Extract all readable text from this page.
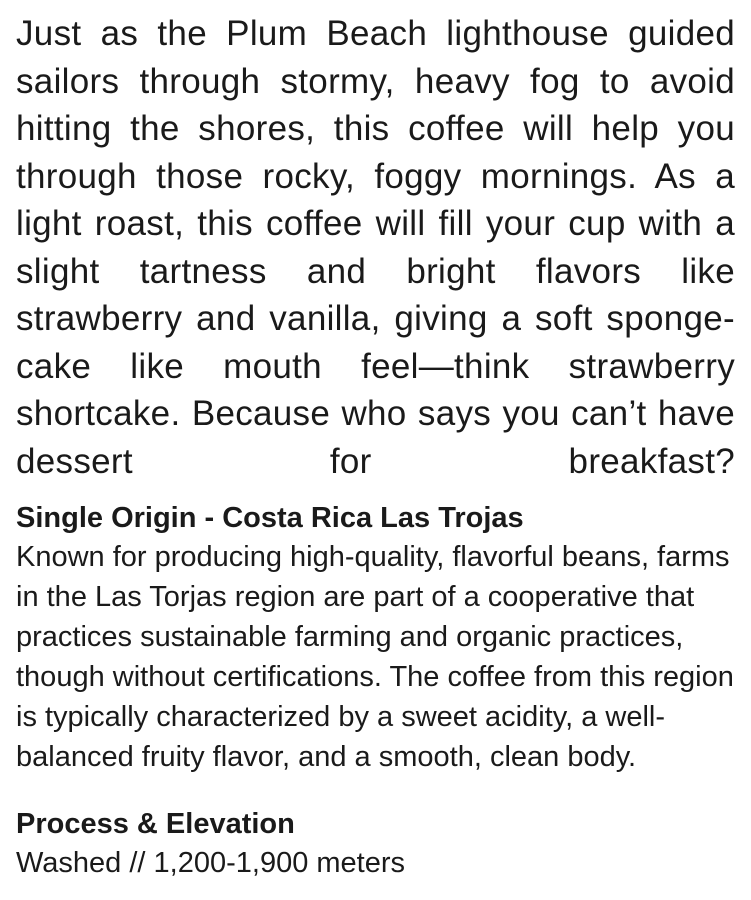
Just as the Plum Beach lighthouse guided sailors through stormy, heavy fog to avoid hitting the shores, this coffee will help you through those rocky, foggy mornings. As a light roast, this coffee will fill your cup with a slight tartness and bright flavors like strawberry and vanilla, giving a soft sponge-cake like mouth feel—think strawberry shortcake. Because who says you can’t have dessert for breakfast?

Single Origin - Costa Rica Las Trojas

Known for producing high-quality, flavorful beans, farms in the Las Torjas region are part of a cooperative that practices sustainable farming and organic practices, though without certifications. The coffee from this region is typically characterized by a sweet acidity, a well-balanced fruity flavor, and a smooth, clean body.

Process & Elevation

Washed // 1,200-1,900 meters
